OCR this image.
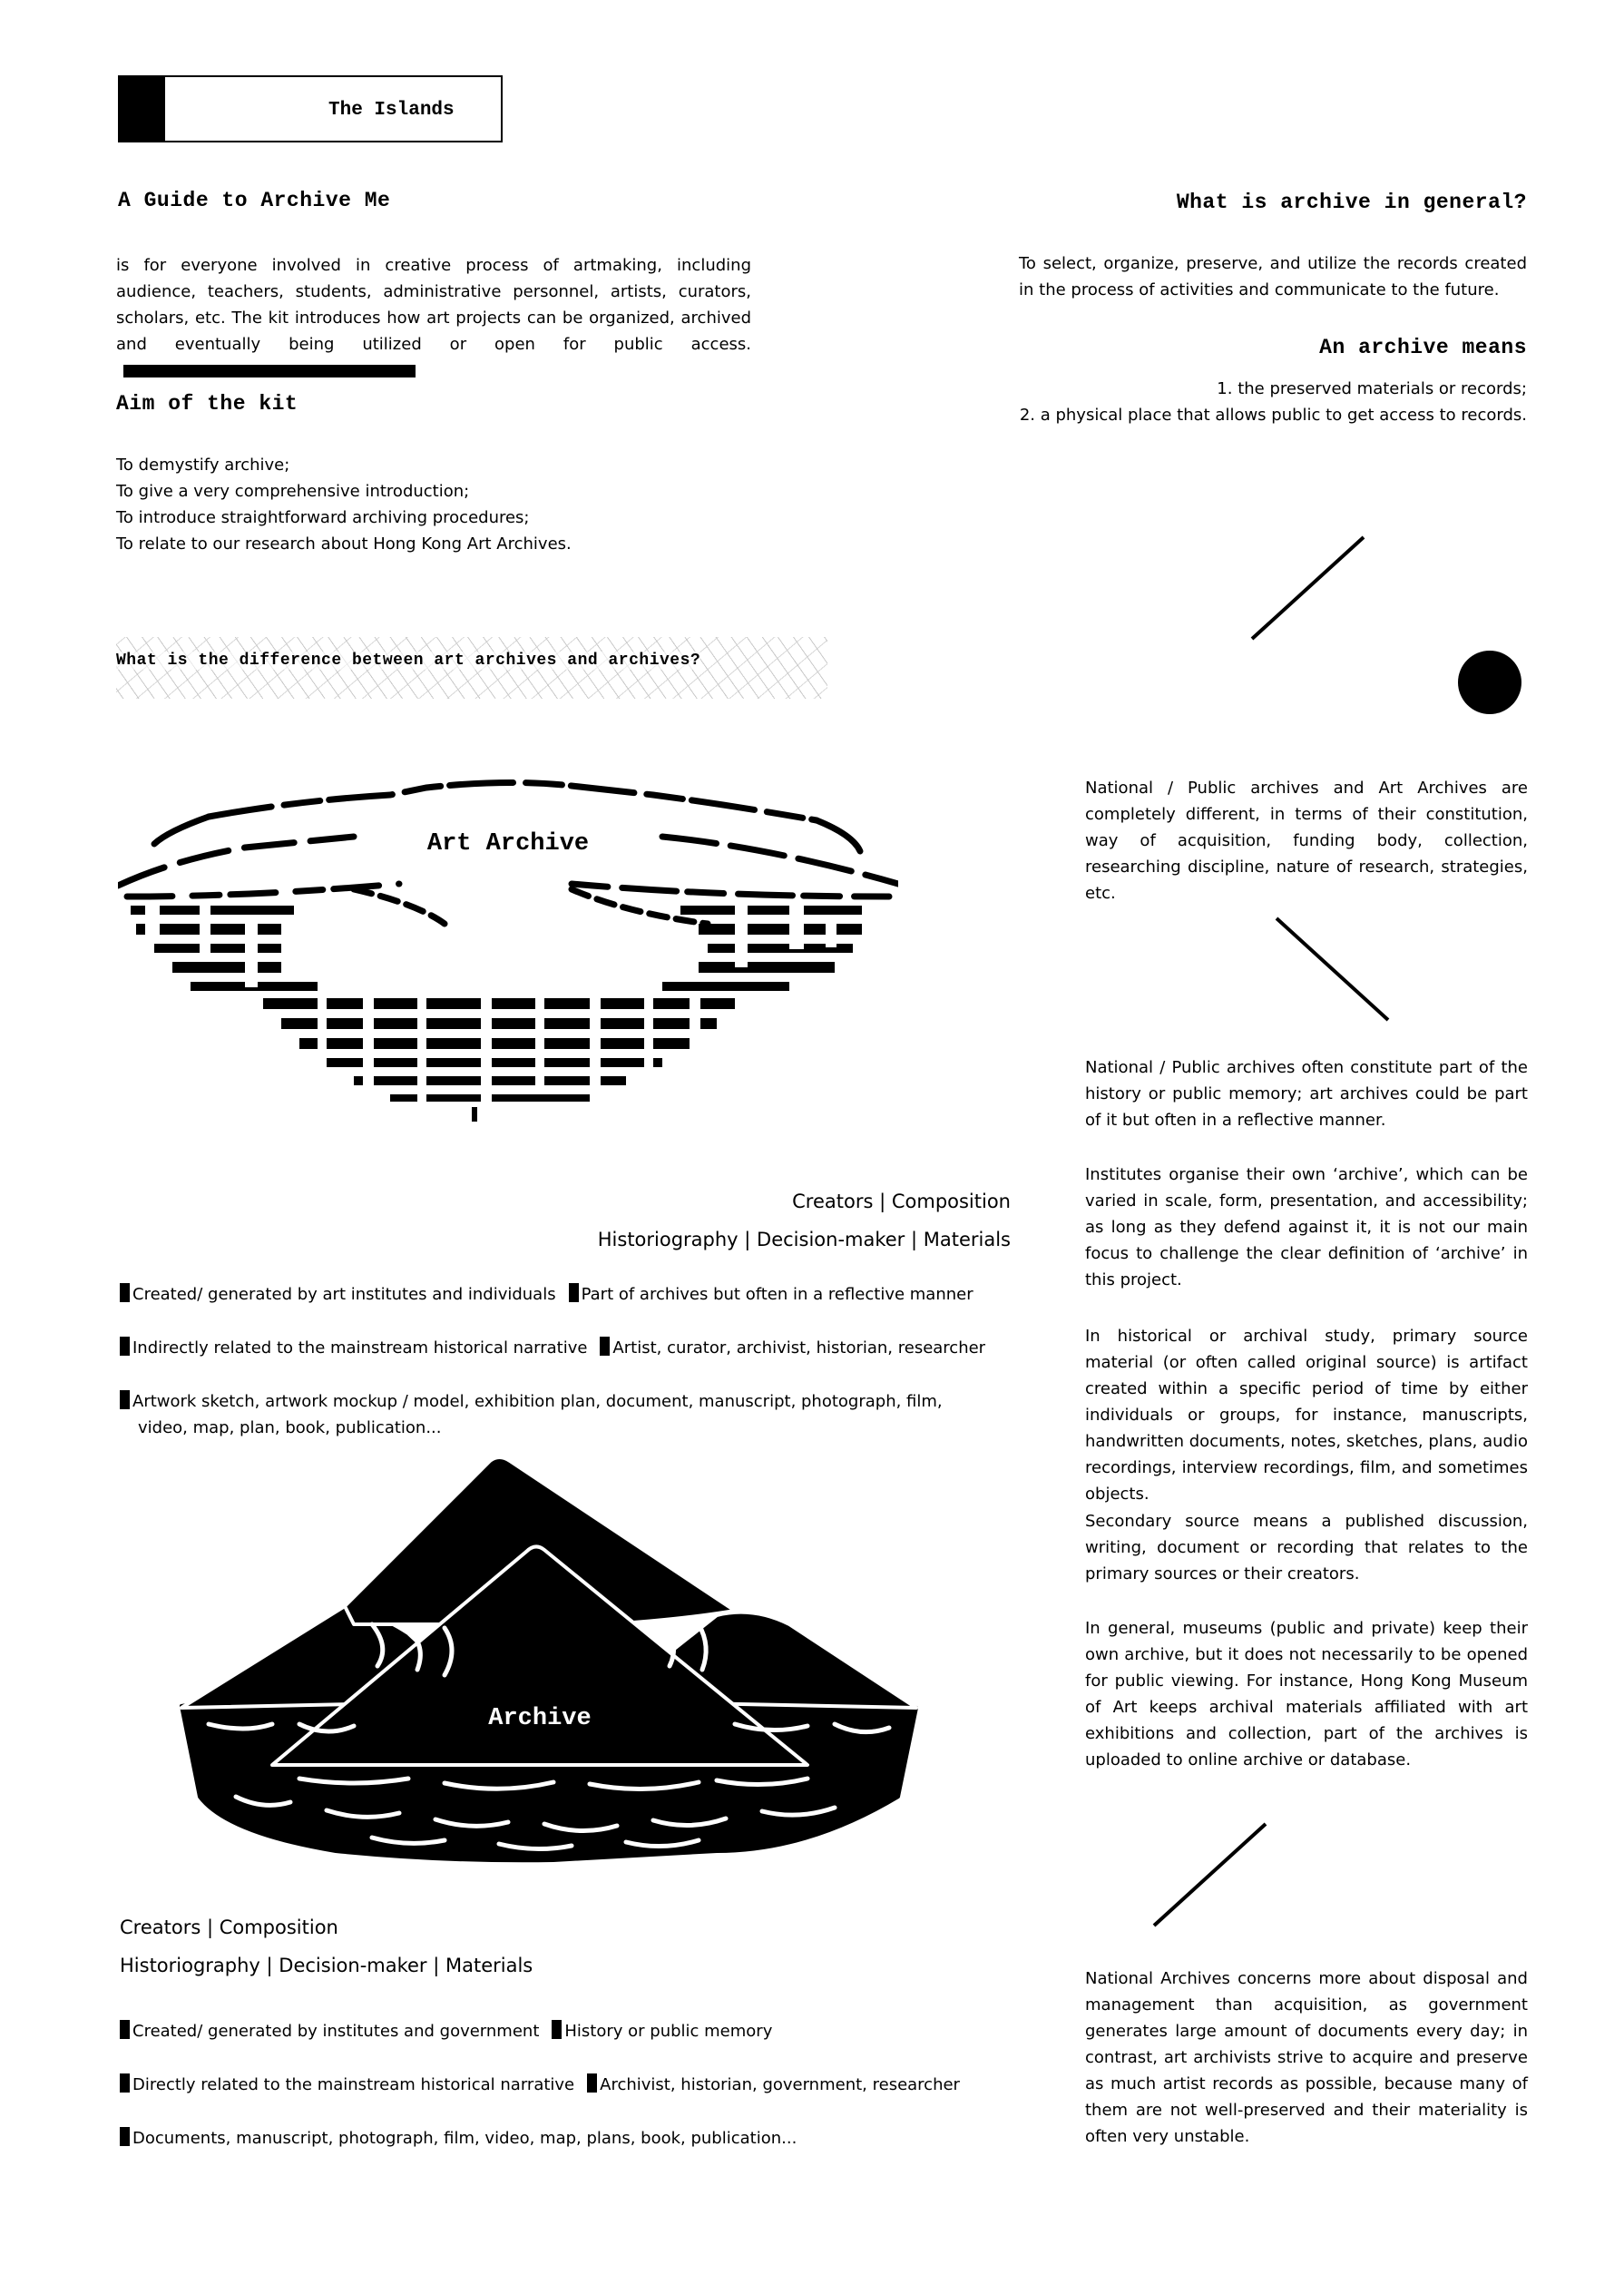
The Islands
A Guide to Archive Me
is for everyone involved in creative process of artmaking, including audience, teachers, students, administrative personnel, artists, curators, scholars, etc. The kit introduces how art projects can be organized, archived and eventually being utilized or open for public access.
Aim of the kit
To demystify archive;
To give a very comprehensive introduction;
To introduce straightforward archiving procedures;
To relate to our research about Hong Kong Art Archives.
What is archive in general?
To select, organize, preserve, and utilize the records created in the process of activities and communicate to the future.
An archive means
1. the preserved materials or records;
2. a physical place that allows public to get access to records.
What is the difference between art archives and archives?
Art Archive
Creators | Composition
Historiography | Decision-maker | Materials
Created/ generated by art institutes and individuals Part of archives but often in a reflective manner
Indirectly related to the mainstream historical narrative Artist, curator, archivist, historian, researcher
Artwork sketch, artwork mockup / model, exhibition plan, document, manuscript, photograph, film,
video, map, plan, book, publication...
Archive
Creators | Composition
Historiography | Decision-maker | Materials
Created/ generated by institutes and government History or public memory
Directly related to the mainstream historical narrative Archivist, historian, government, researcher
Documents, manuscript, photograph, film, video, map, plans, book, publication...
National / Public archives and Art Archives are completely different, in terms of their constitution, way of acquisition, funding body, collection, researching discipline, nature of research, strategies, etc.
National / Public archives often constitute part of the history or public memory; art archives could be part of it but often in a reflective manner.
Institutes organise their own ‘archive’, which can be varied in scale, form, presentation, and accessibility; as long as they defend against it, it is not our main focus to challenge the clear definition of ‘archive’ in this project.
In historical or archival study, primary source material (or often called original source) is artifact created within a specific period of time by either individuals or groups, for instance, manuscripts, handwritten documents, notes, sketches, plans, audio recordings, interview recordings, film, and sometimes objects.
Secondary source means a published discussion, writing, document or recording that relates to the primary sources or their creators.
In general, museums (public and private) keep their own archive, but it does not necessarily to be opened for public viewing. For instance, Hong Kong Museum of Art keeps archival materials affiliated with art exhibitions and collection, part of the archives is uploaded to online archive or database.
National Archives concerns more about disposal and management than acquisition, as government generates large amount of documents every day; in contrast, art archivists strive to acquire and preserve as much artist records as possible, because many of them are not well-preserved and their materiality is often very unstable.
